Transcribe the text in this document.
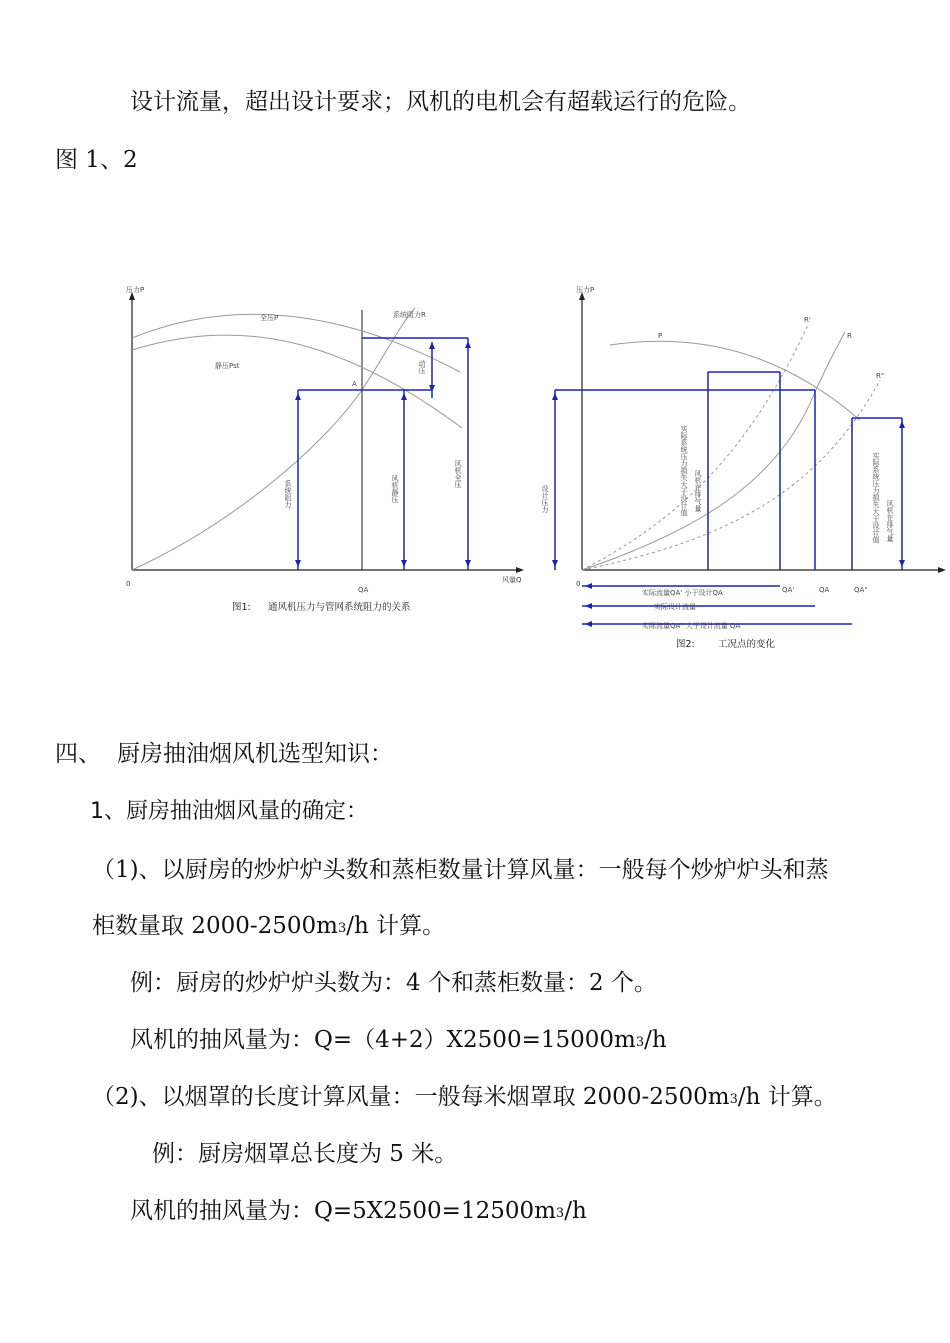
设计流量，超出设计要求；风机的电机会有超载运行的危险。
图 1、2
压力P
风量Q
0
QA
A
全压P
静压Pst
系统阻力R
系统阻力
动压
风机静压
风机全压
图1: 通风机压力与管网系统阻力的关系
压力P
0
P
R'
R
R"
QA'	QA	QA"
设计压力	实际系统压力损失大于设计值 风机在排气量	实际系统压力损失大于设计值 风机在排气量
实际流量QA' 小于设计QA
实际设计流量
实际流量QA" 大于设计流量 QA
图2: 工况点的变化
四、 厨房抽油烟风机选型知识：
1、厨房抽油烟风量的确定：
（1)、以厨房的炒炉炉头数和蒸柜数量计算风量：一般每个炒炉炉头和蒸
柜数量取 $2000-2500m^3/h$ 计算。
例：厨房的炒炉炉头数为：4 个和蒸柜数量：2 个。
风机的抽风量为：$Q=(4+2)X2500=15000m^3/h$
（2)、以烟罩的长度计算风量：一般每米烟罩取 $2000-2500m^3/h$ 计算。
例：厨房烟罩总长度为 5 米。
风机的抽风量为：$Q=5X2500=12500m^3/h$
